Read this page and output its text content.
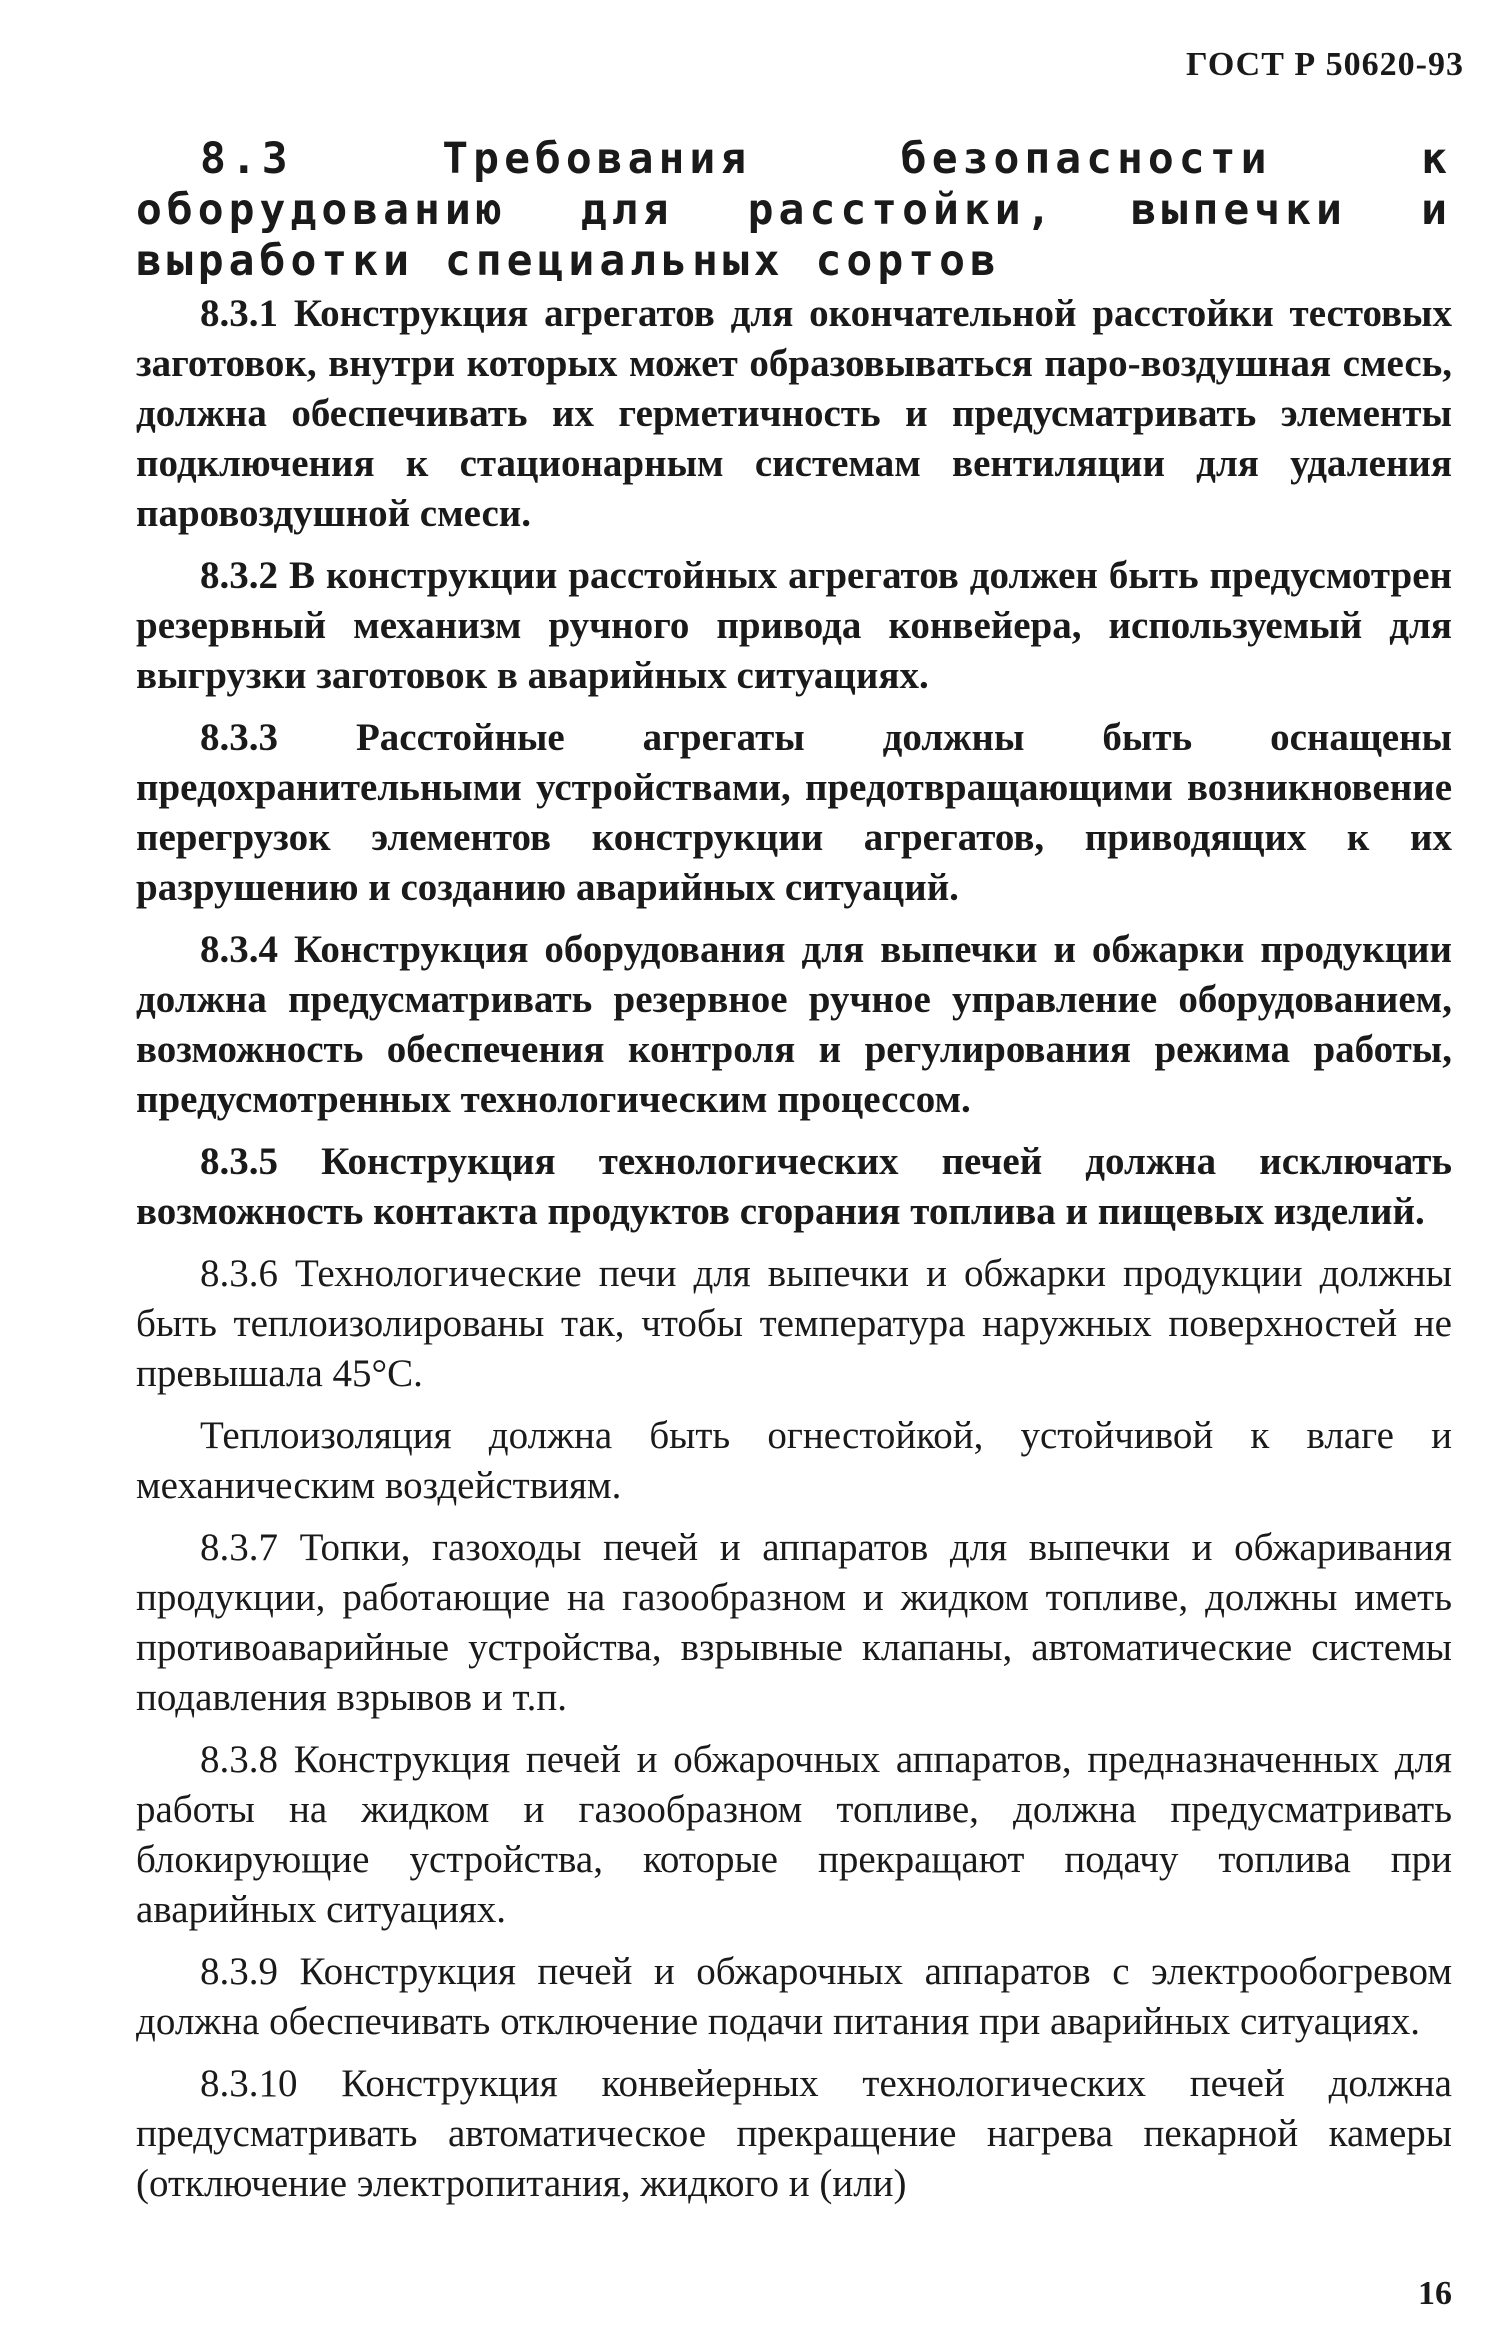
ГОСТ Р 50620-93
8.3 Требования безопасности к оборудованию для расстойки, выпечки и выработки специальных сортов

8.3.1 Конструкция агрегатов для окончательной расстойки тестовых заготовок, внутри которых может образовываться паро-воздушная смесь, должна обеспечивать их герметичность и предусматривать элементы подключения к стационарным системам вентиляции для удаления паровоздушной смеси.

8.3.2 В конструкции расстойных агрегатов должен быть предусмотрен резервный механизм ручного привода конвейера, используемый для выгрузки заготовок в аварийных ситуациях.

8.3.3 Расстойные агрегаты должны быть оснащены предохранительными устройствами, предотвращающими возникновение перегрузок элементов конструкции агрегатов, приводящих к их разрушению и созданию аварийных ситуаций.

8.3.4 Конструкция оборудования для выпечки и обжарки продукции должна предусматривать резервное ручное управление оборудованием, возможность обеспечения контроля и регулирования режима работы, предусмотренных технологическим процессом.

8.3.5 Конструкция технологических печей должна исключать возможность контакта продуктов сгорания топлива и пищевых изделий.

8.3.6 Технологические печи для выпечки и обжарки продукции должны быть теплоизолированы так, чтобы температура наружных поверхностей не превышала 45°С.

Теплоизоляция должна быть огнестойкой, устойчивой к влаге и механическим воздействиям.

8.3.7 Топки, газоходы печей и аппаратов для выпечки и обжаривания продукции, работающие на газообразном и жидком топливе, должны иметь противоаварийные устройства, взрывные клапаны, автоматические системы подавления взрывов и т.п.

8.3.8 Конструкция печей и обжарочных аппаратов, предназначенных для работы на жидком и газообразном топливе, должна предусматривать блокирующие устройства, которые прекращают подачу топлива при аварийных ситуациях.

8.3.9 Конструкция печей и обжарочных аппаратов с электрообогревом должна обеспечивать отключение подачи питания при аварийных ситуациях.

8.3.10 Конструкция конвейерных технологических печей должна предусматривать автоматическое прекращение нагрева пекарной камеры (отключение электропитания, жидкого и (или)

16
